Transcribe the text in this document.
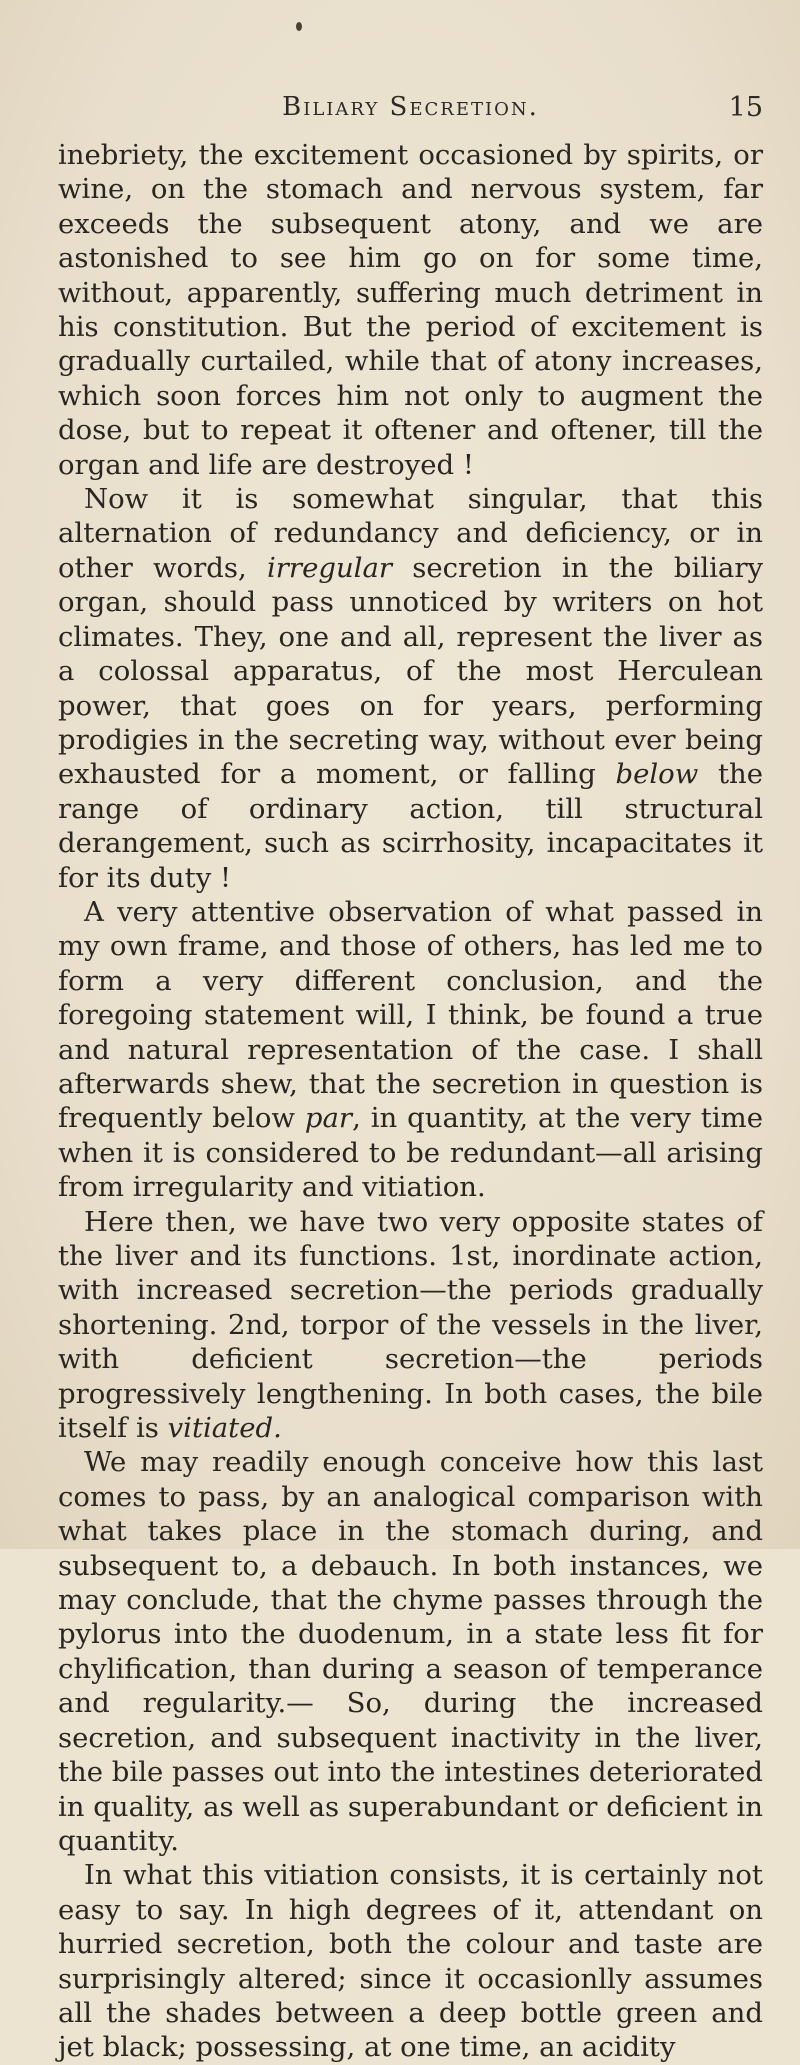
Biliary Secretion.	15

inebriety, the excitement occasioned by spirits, or wine, on the stomach and nervous system, far exceeds the subsequent atony, and we are astonished to see him go on for some time, without, apparently, suffering much detriment in his constitution. But the period of excitement is gradually curtailed, while that of atony increases, which soon forces him not only to augment the dose, but to repeat it oftener and oftener, till the organ and life are destroyed !

Now it is somewhat singular, that this alternation of redundancy and deficiency, or in other words, irregular secretion in the biliary organ, should pass unnoticed by writers on hot climates. They, one and all, represent the liver as a colossal apparatus, of the most Herculean power, that goes on for years, performing prodigies in the secreting way, without ever being exhausted for a moment, or falling below the range of ordinary action, till structural derangement, such as scirrhosity, incapacitates it for its duty !

A very attentive observation of what passed in my own frame, and those of others, has led me to form a very different conclusion, and the foregoing statement will, I think, be found a true and natural representation of the case. I shall afterwards shew, that the secretion in question is frequently below par, in quantity, at the very time when it is considered to be redundant—all arising from irregularity and vitiation.

Here then, we have two very opposite states of the liver and its functions. 1st, inordinate action, with increased secretion—the periods gradually shortening. 2nd, torpor of the vessels in the liver, with deficient secretion—the periods progressively lengthening. In both cases, the bile itself is vitiated.

We may readily enough conceive how this last comes to pass, by an analogical comparison with what takes place in the stomach during, and subsequent to, a debauch. In both instances, we may conclude, that the chyme passes through the pylorus into the duodenum, in a state less fit for chylification, than during a season of temperance and regularity.— So, during the increased secretion, and subsequent inactivity in the liver, the bile passes out into the intestines deteriorated in quality, as well as superabundant or deficient in quantity.

In what this vitiation consists, it is certainly not easy to say. In high degrees of it, attendant on hurried secretion, both the colour and taste are surprisingly altered; since it occasionlly assumes all the shades between a deep bottle green and jet black; possessing, at one time, an acidity
